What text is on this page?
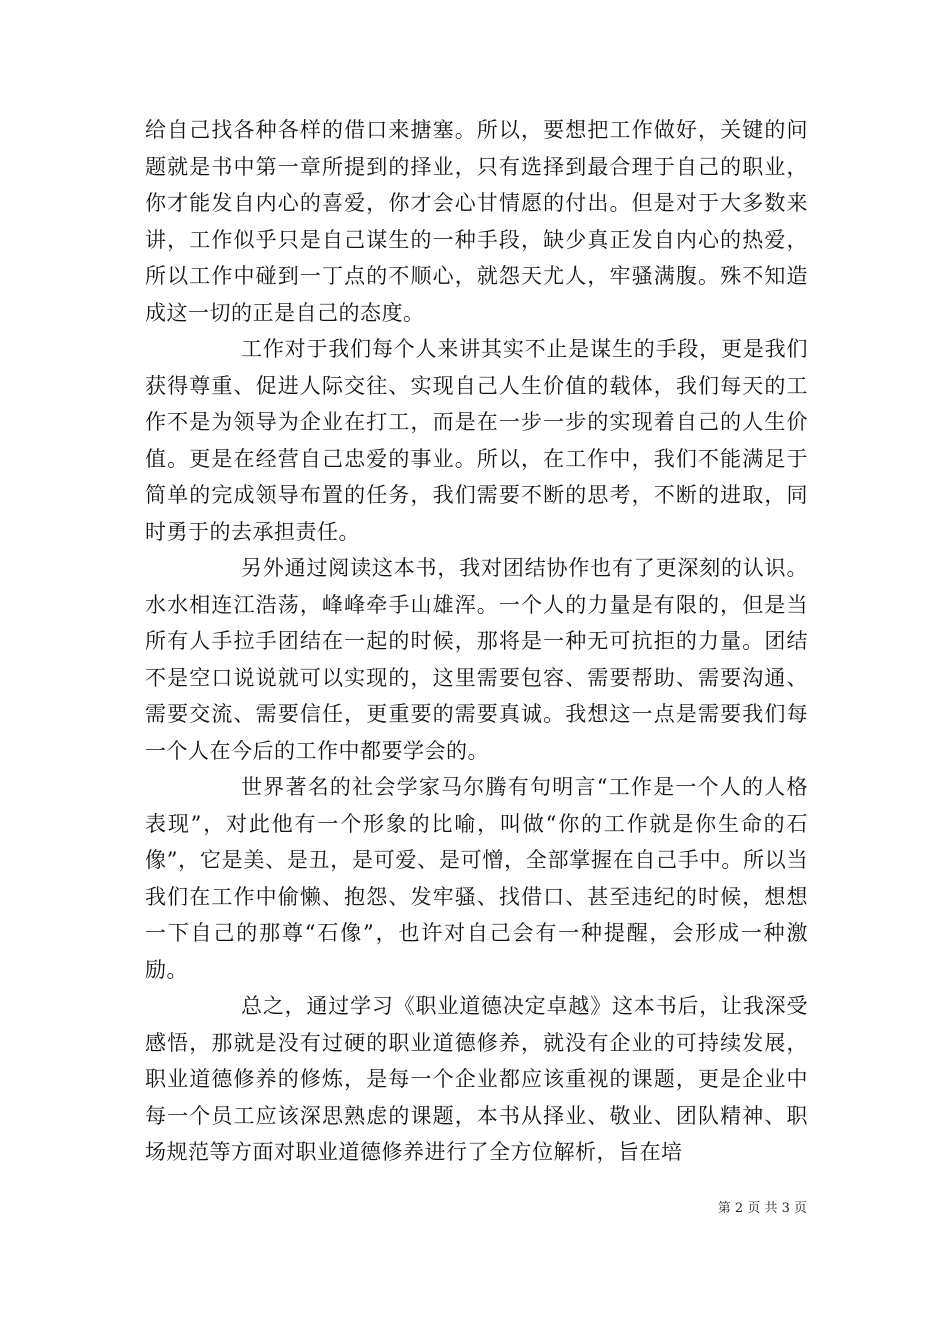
给自己找各种各样的借口来搪塞。所以，要想把工作做好，关键的问题就是书中第一章所提到的择业，只有选择到最合理于自己的职业，你才能发自内心的喜爱，你才会心甘情愿的付出。但是对于大多数来讲，工作似乎只是自己谋生的一种手段，缺少真正发自内心的热爱，所以工作中碰到一丁点的不顺心，就怨天尤人，牢骚满腹。殊不知造成这一切的正是自己的态度。

工作对于我们每个人来讲其实不止是谋生的手段，更是我们获得尊重、促进人际交往、实现自己人生价值的载体，我们每天的工作不是为领导为企业在打工，而是在一步一步的实现着自己的人生价值。更是在经营自己忠爱的事业。所以，在工作中，我们不能满足于简单的完成领导布置的任务，我们需要不断的思考，不断的进取，同时勇于的去承担责任。

另外通过阅读这本书，我对团结协作也有了更深刻的认识。水水相连江浩荡，峰峰牵手山雄浑。一个人的力量是有限的，但是当所有人手拉手团结在一起的时候，那将是一种无可抗拒的力量。团结不是空口说说就可以实现的，这里需要包容、需要帮助、需要沟通、需要交流、需要信任，更重要的需要真诚。我想这一点是需要我们每一个人在今后的工作中都要学会的。

世界著名的社会学家马尔腾有句明言“工作是一个人的人格表现”，对此他有一个形象的比喻，叫做“你的工作就是你生命的石像”，它是美、是丑，是可爱、是可憎，全部掌握在自己手中。所以当我们在工作中偷懒、抱怨、发牢骚、找借口、甚至违纪的时候，想想一下自己的那尊“石像”，也许对自己会有一种提醒，会形成一种激励。

总之，通过学习《职业道德决定卓越》这本书后，让我深受感悟，那就是没有过硬的职业道德修养，就没有企业的可持续发展，职业道德修养的修炼，是每一个企业都应该重视的课题，更是企业中每一个员工应该深思熟虑的课题，本书从择业、敬业、团队精神、职场规范等方面对职业道德修养进行了全方位解析，旨在培

第 2 页 共 3 页
